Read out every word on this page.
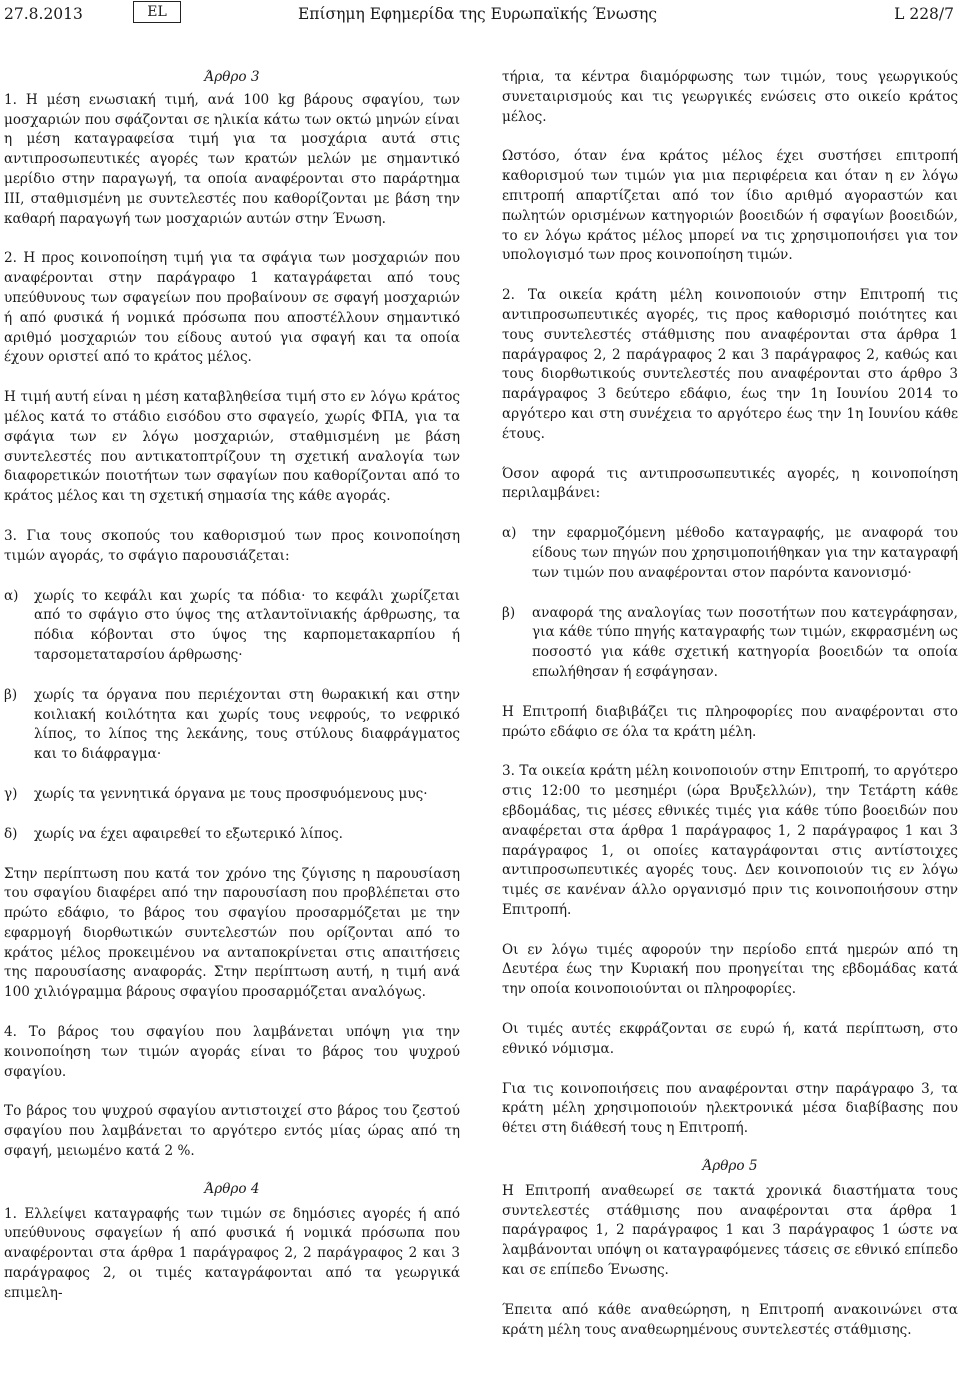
27.8.2013	EL	Επίσημη Εφημερίδα της Ευρωπαϊκής Ένωσης	L 228/7
Άρθρο 3

1. Η μέση ενωσιακή τιμή, ανά 100 kg βάρους σφαγίου, των μοσχαριών που σφάζονται σε ηλικία κάτω των οκτώ μηνών είναι η μέση καταγραφείσα τιμή για τα μοσχάρια αυτά στις αντιπροσωπευτικές αγορές των κρατών μελών με σημαντικό μερίδιο στην παραγωγή, τα οποία αναφέρονται στο παράρτημα III, σταθμισμένη με συντελεστές που καθορίζονται με βάση την καθαρή παραγωγή των μοσχαριών αυτών στην Ένωση.

2. Η προς κοινοποίηση τιμή για τα σφάγια των μοσχαριών που αναφέρονται στην παράγραφο 1 καταγράφεται από τους υπεύθυνους των σφαγείων που προβαίνουν σε σφαγή μοσχαριών ή από φυσικά ή νομικά πρόσωπα που αποστέλλουν σημαντικό αριθμό μοσχαριών του είδους αυτού για σφαγή και τα οποία έχουν οριστεί από το κράτος μέλος.

Η τιμή αυτή είναι η μέση καταβληθείσα τιμή στο εν λόγω κράτος μέλος κατά το στάδιο εισόδου στο σφαγείο, χωρίς ΦΠΑ, για τα σφάγια των εν λόγω μοσχαριών, σταθμισμένη με βάση συντελεστές που αντικατοπτρίζουν τη σχετική αναλογία των διαφορετικών ποιοτήτων των σφαγίων που καθορίζονται από το κράτος μέλος και τη σχετική σημασία της κάθε αγοράς.

3. Για τους σκοπούς του καθορισμού των προς κοινοποίηση τιμών αγοράς, το σφάγιο παρουσιάζεται:

α)	χωρίς το κεφάλι και χωρίς τα πόδια· το κεφάλι χωρίζεται από το σφάγιο στο ύψος της ατλαντοϊνιακής άρθρωσης, τα πόδια κόβονται στο ύψος της καρπομετακαρπίου ή ταρσομεταταρσίου άρθρωσης·
β)	χωρίς τα όργανα που περιέχονται στη θωρακική και στην κοιλιακή κοιλότητα και χωρίς τους νεφρούς, το νεφρικό λίπος, το λίπος της λεκάνης, τους στύλους διαφράγματος και το διάφραγμα·
γ)	χωρίς τα γεννητικά όργανα με τους προσφυόμενους μυς·
δ)	χωρίς να έχει αφαιρεθεί το εξωτερικό λίπος.

Στην περίπτωση που κατά τον χρόνο της ζύγισης η παρουσίαση του σφαγίου διαφέρει από την παρουσίαση που προβλέπεται στο πρώτο εδάφιο, το βάρος του σφαγίου προσαρμόζεται με την εφαρμογή διορθωτικών συντελεστών που ορίζονται από το κράτος μέλος προκειμένου να ανταποκρίνεται στις απαιτήσεις της παρουσίασης αναφοράς. Στην περίπτωση αυτή, η τιμή ανά 100 χιλιόγραμμα βάρους σφαγίου προσαρμόζεται αναλόγως.

4. Το βάρος του σφαγίου που λαμβάνεται υπόψη για την κοινοποίηση των τιμών αγοράς είναι το βάρος του ψυχρού σφαγίου.

Το βάρος του ψυχρού σφαγίου αντιστοιχεί στο βάρος του ζεστού σφαγίου που λαμβάνεται το αργότερο εντός μίας ώρας από τη σφαγή, μειωμένο κατά 2 %.

Άρθρο 4

1. Ελλείψει καταγραφής των τιμών σε δημόσιες αγορές ή από υπεύθυνους σφαγείων ή από φυσικά ή νομικά πρόσωπα που αναφέρονται στα άρθρα 1 παράγραφος 2, 2 παράγραφος 2 και 3 παράγραφος 2, οι τιμές καταγράφονται από τα γεωργικά επιμελη-

τήρια, τα κέντρα διαμόρφωσης των τιμών, τους γεωργικούς συνεταιρισμούς και τις γεωργικές ενώσεις στο οικείο κράτος μέλος.

Ωστόσο, όταν ένα κράτος μέλος έχει συστήσει επιτροπή καθορισμού των τιμών για μια περιφέρεια και όταν η εν λόγω επιτροπή απαρτίζεται από τον ίδιο αριθμό αγοραστών και πωλητών ορισμένων κατηγοριών βοοειδών ή σφαγίων βοοειδών, το εν λόγω κράτος μέλος μπορεί να τις χρησιμοποιήσει για τον υπολογισμό των προς κοινοποίηση τιμών.

2. Τα οικεία κράτη μέλη κοινοποιούν στην Επιτροπή τις αντιπροσωπευτικές αγορές, τις προς καθορισμό ποιότητες και τους συντελεστές στάθμισης που αναφέρονται στα άρθρα 1 παράγραφος 2, 2 παράγραφος 2 και 3 παράγραφος 2, καθώς και τους διορθωτικούς συντελεστές που αναφέρονται στο άρθρο 3 παράγραφος 3 δεύτερο εδάφιο, έως την 1η Ιουνίου 2014 το αργότερο και στη συνέχεια το αργότερο έως την 1η Ιουνίου κάθε έτους.

Όσον αφορά τις αντιπροσωπευτικές αγορές, η κοινοποίηση περιλαμβάνει:

α)	την εφαρμοζόμενη μέθοδο καταγραφής, με αναφορά του είδους των πηγών που χρησιμοποιήθηκαν για την καταγραφή των τιμών που αναφέρονται στον παρόντα κανονισμό·
β)	αναφορά της αναλογίας των ποσοτήτων που κατεγράφησαν, για κάθε τύπο πηγής καταγραφής των τιμών, εκφρασμένη ως ποσοστό για κάθε σχετική κατηγορία βοοειδών τα οποία επωλήθησαν ή εσφάγησαν.

Η Επιτροπή διαβιβάζει τις πληροφορίες που αναφέρονται στο πρώτο εδάφιο σε όλα τα κράτη μέλη.

3. Τα οικεία κράτη μέλη κοινοποιούν στην Επιτροπή, το αργότερο στις 12:00 το μεσημέρι (ώρα Βρυξελλών), την Τετάρτη κάθε εβδομάδας, τις μέσες εθνικές τιμές για κάθε τύπο βοοειδών που αναφέρεται στα άρθρα 1 παράγραφος 1, 2 παράγραφος 1 και 3 παράγραφος 1, οι οποίες καταγράφονται στις αντίστοιχες αντιπροσωπευτικές αγορές τους. Δεν κοινοποιούν τις εν λόγω τιμές σε κανέναν άλλο οργανισμό πριν τις κοινοποιήσουν στην Επιτροπή.

Οι εν λόγω τιμές αφορούν την περίοδο επτά ημερών από τη Δευτέρα έως την Κυριακή που προηγείται της εβδομάδας κατά την οποία κοινοποιούνται οι πληροφορίες.

Οι τιμές αυτές εκφράζονται σε ευρώ ή, κατά περίπτωση, στο εθνικό νόμισμα.

Για τις κοινοποιήσεις που αναφέρονται στην παράγραφο 3, τα κράτη μέλη χρησιμοποιούν ηλεκτρονικά μέσα διαβίβασης που θέτει στη διάθεσή τους η Επιτροπή.

Άρθρο 5

Η Επιτροπή αναθεωρεί σε τακτά χρονικά διαστήματα τους συντελεστές στάθμισης που αναφέρονται στα άρθρα 1 παράγραφος 1, 2 παράγραφος 1 και 3 παράγραφος 1 ώστε να λαμβάνονται υπόψη οι καταγραφόμενες τάσεις σε εθνικό επίπεδο και σε επίπεδο Ένωσης.

Έπειτα από κάθε αναθεώρηση, η Επιτροπή ανακοινώνει στα κράτη μέλη τους αναθεωρημένους συντελεστές στάθμισης.
